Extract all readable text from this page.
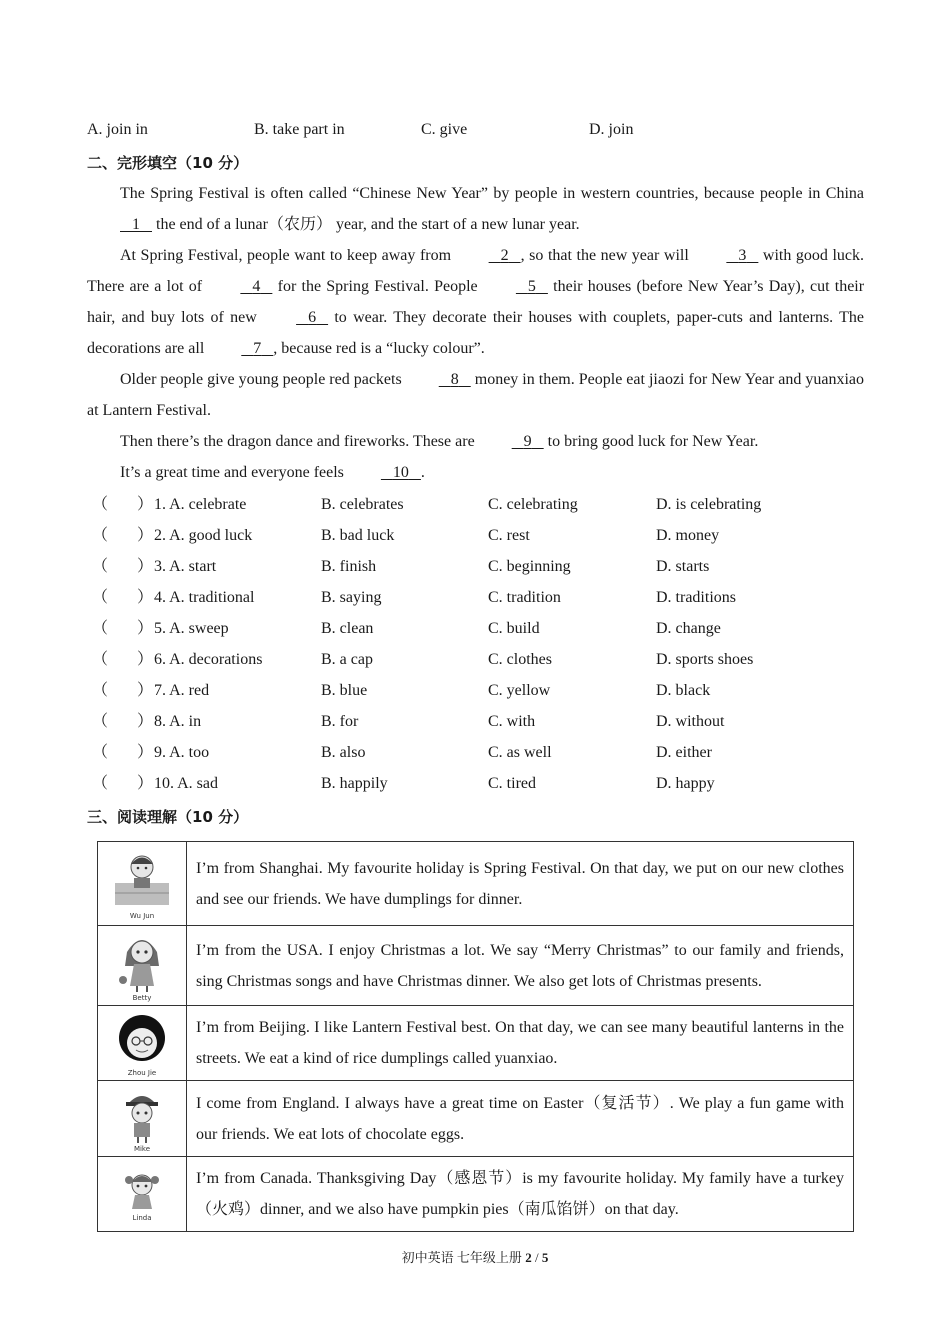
A. join in	B. take part in	C. give	D. join
二、完形填空（10 分）

The Spring Festival is often called “Chinese New Year” by people in western countries, because people in China    1 the end of a lunar（农历） year, and the start of a new lunar year.

At Spring Festival, people want to keep away from	2 , so that the new year will	3 with good luck. There are a lot of	4 for the Spring Festival. People	5 their houses (before New Year’s Day), cut their hair, and buy lots of new	6 to wear. They decorate their houses with couplets, paper-cuts and lanterns. The decorations are all	7 , because red is a “lucky colour”.

Older people give young people red packets	8 money in them. People eat jiaozi for New Year and yuanxiao at Lantern Festival.

Then there’s the dragon dance and fireworks. These are	9 to bring good luck for New Year.

It’s a great time and everyone feels	10 .

（ ） 1. A. celebrate	B. celebrates	C. celebrating	D. is celebrating
（ ） 2. A. good luck	B. bad luck	C. rest	D. money
（ ） 3. A. start	B. finish	C. beginning	D. starts
（ ） 4. A. traditional	B. saying	C. tradition	D. traditions
（ ） 5. A. sweep	B. clean	C. build	D. change
（ ） 6. A. decorations	B. a cap	C. clothes	D. sports shoes
（ ） 7. A. red	B. blue	C. yellow	D. black
（ ） 8. A. in	B. for	C. with	D. without
（ ） 9. A. too	B. also	C. as well	D. either
（ ） 10. A. sad	B. happily	C. tired	D. happy
三、阅读理解（10 分）
Wu Jun	I’m from Shanghai. My favourite holiday is Spring Festival. On that day, we put on our new clothes and see our friends. We have dumplings for dinner.

Betty	I’m from the USA. I enjoy Christmas a lot. We say “Merry Christmas” to our family and friends, sing Christmas songs and have Christmas dinner. We also get lots of Christmas presents.

Zhou Jie	I’m from Beijing. I like Lantern Festival best. On that day, we can see many beautiful lanterns in the streets. We eat a kind of rice dumplings called yuanxiao.

Mike	I come from England. I always have a great time on Easter（复活节）. We play a fun game with our friends. We eat lots of chocolate eggs.

Linda	I’m from Canada. Thanksgiving Day（感恩节）is my favourite holiday. My family have a turkey（火鸡）dinner, and we also have pumpkin pies（南瓜馅饼）on that day.
初中英语 七年级上册 2 / 5
